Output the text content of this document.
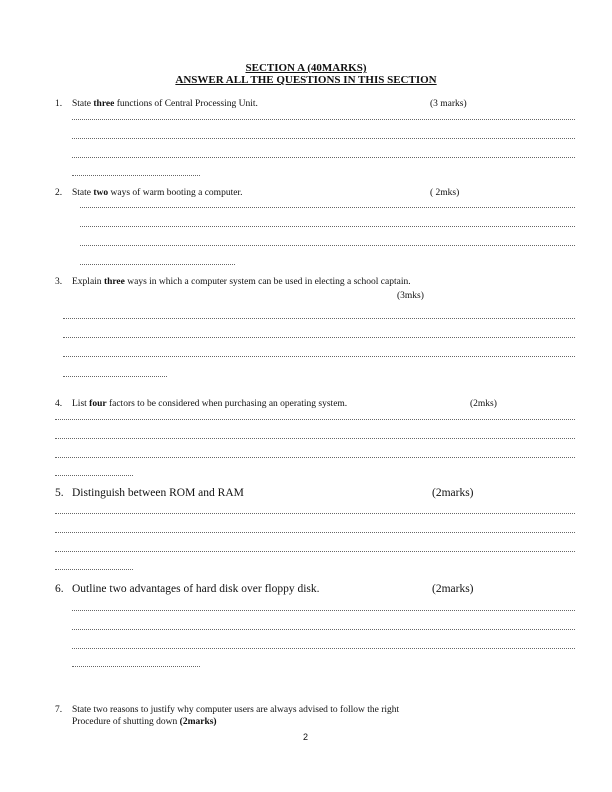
SECTION A (40MARKS)
ANSWER ALL THE QUESTIONS IN THIS SECTION
1. State three functions of Central Processing Unit.	(3 marks)
2. State two ways of warm booting a computer.	( 2mks)
3. Explain three ways in which a computer system can be used in electing a school captain.
(3mks)
4. List four factors to be considered when purchasing an operating system.	(2mks)
5. Distinguish between ROM and RAM	(2marks)
6. Outline two advantages of hard disk over floppy disk.	(2marks)
7. State two reasons to justify why computer users are always advised to follow the right
Procedure of shutting down (2marks)
2
